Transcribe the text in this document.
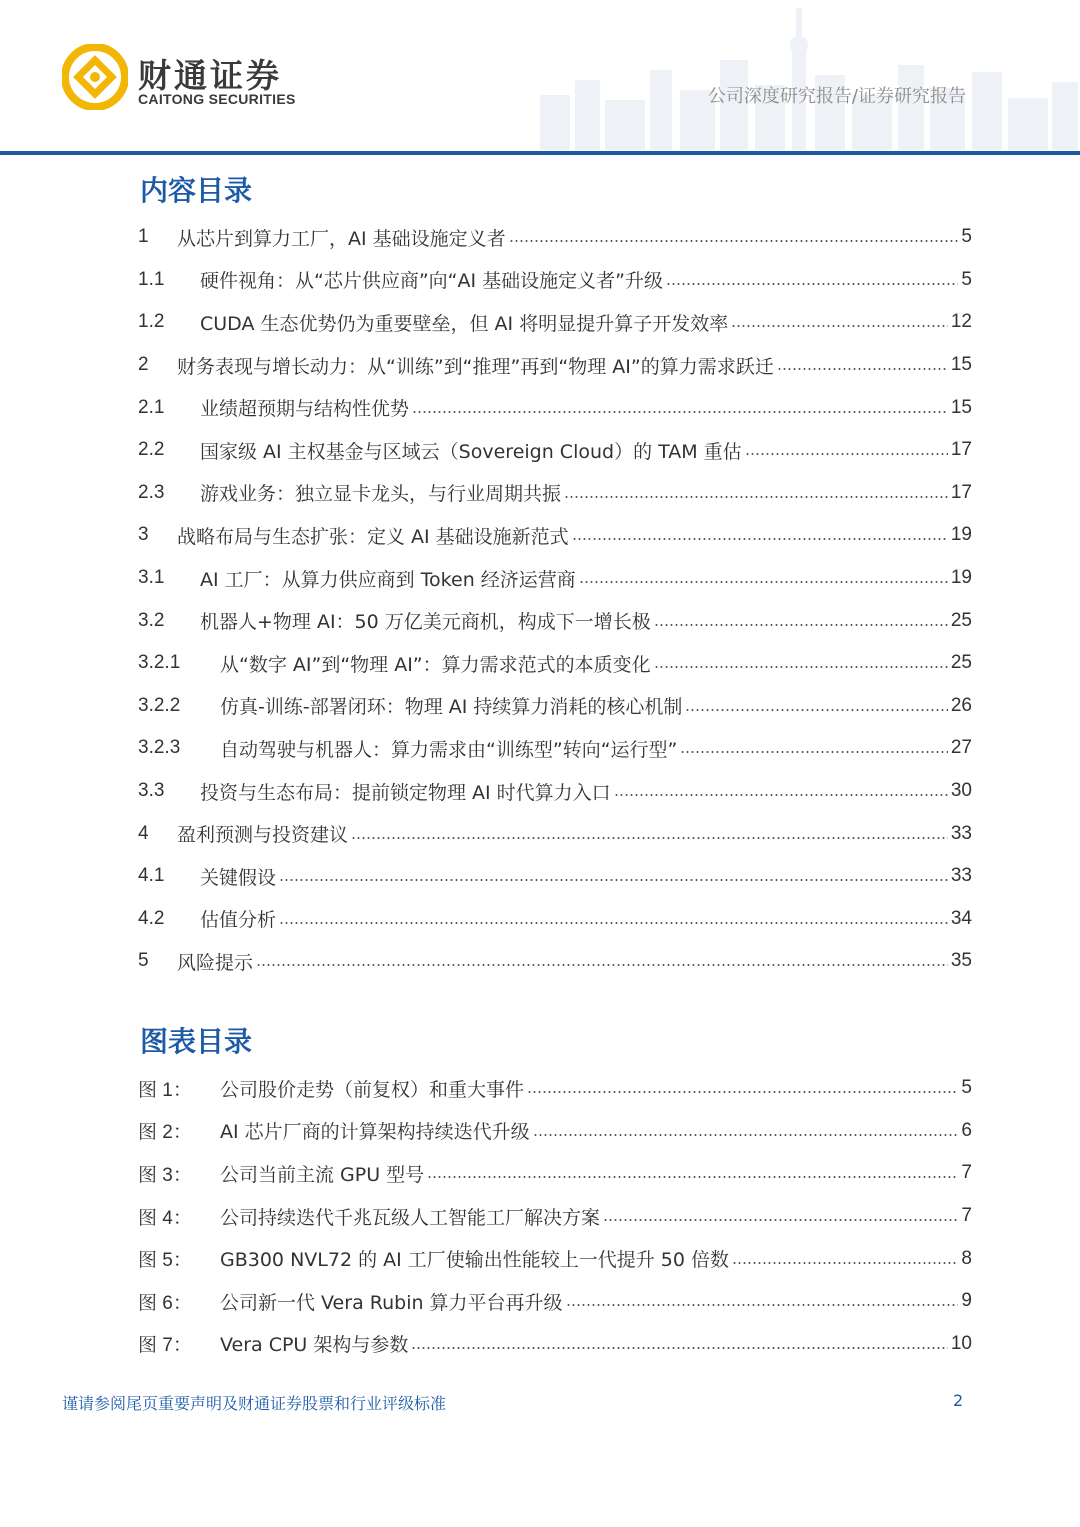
财通证券
CAITONG SECURITIES	公司深度研究报告/证券研究报告
内容目录
1	从芯片到算力工厂，AI 基础设施定义者	5
1.1	硬件视角：从“芯片供应商”向“AI 基础设施定义者”升级	5
1.2	CUDA 生态优势仍为重要壁垒，但 AI 将明显提升算子开发效率	12
2	财务表现与增长动力：从“训练”到“推理”再到“物理 AI”的算力需求跃迁	15
2.1	业绩超预期与结构性优势	15
2.2	国家级 AI 主权基金与区域云（Sovereign Cloud）的 TAM 重估	17
2.3	游戏业务：独立显卡龙头，与行业周期共振	17
3	战略布局与生态扩张：定义 AI 基础设施新范式	19
3.1	AI 工厂：从算力供应商到 Token 经济运营商	19
3.2	机器人+物理 AI：50 万亿美元商机，构成下一增长极	25
3.2.1	从“数字 AI”到“物理 AI”：算力需求范式的本质变化	25
3.2.2	仿真-训练-部署闭环：物理 AI 持续算力消耗的核心机制	26
3.2.3	自动驾驶与机器人：算力需求由“训练型”转向“运行型”	27
3.3	投资与生态布局：提前锁定物理 AI 时代算力入口	30
4	盈利预测与投资建议	33
4.1	关键假设	33
4.2	估值分析	34
5	风险提示	35
图表目录
图 1：	公司股价走势（前复权）和重大事件	5
图 2：	AI 芯片厂商的计算架构持续迭代升级	6
图 3：	公司当前主流 GPU 型号	7
图 4：	公司持续迭代千兆瓦级人工智能工厂解决方案	7
图 5：	GB300 NVL72 的 AI 工厂使输出性能较上一代提升 50 倍数	8
图 6：	公司新一代 Vera Rubin 算力平台再升级	9
图 7：	Vera CPU 架构与参数	10
谨请参阅尾页重要声明及财通证券股票和行业评级标准	2
